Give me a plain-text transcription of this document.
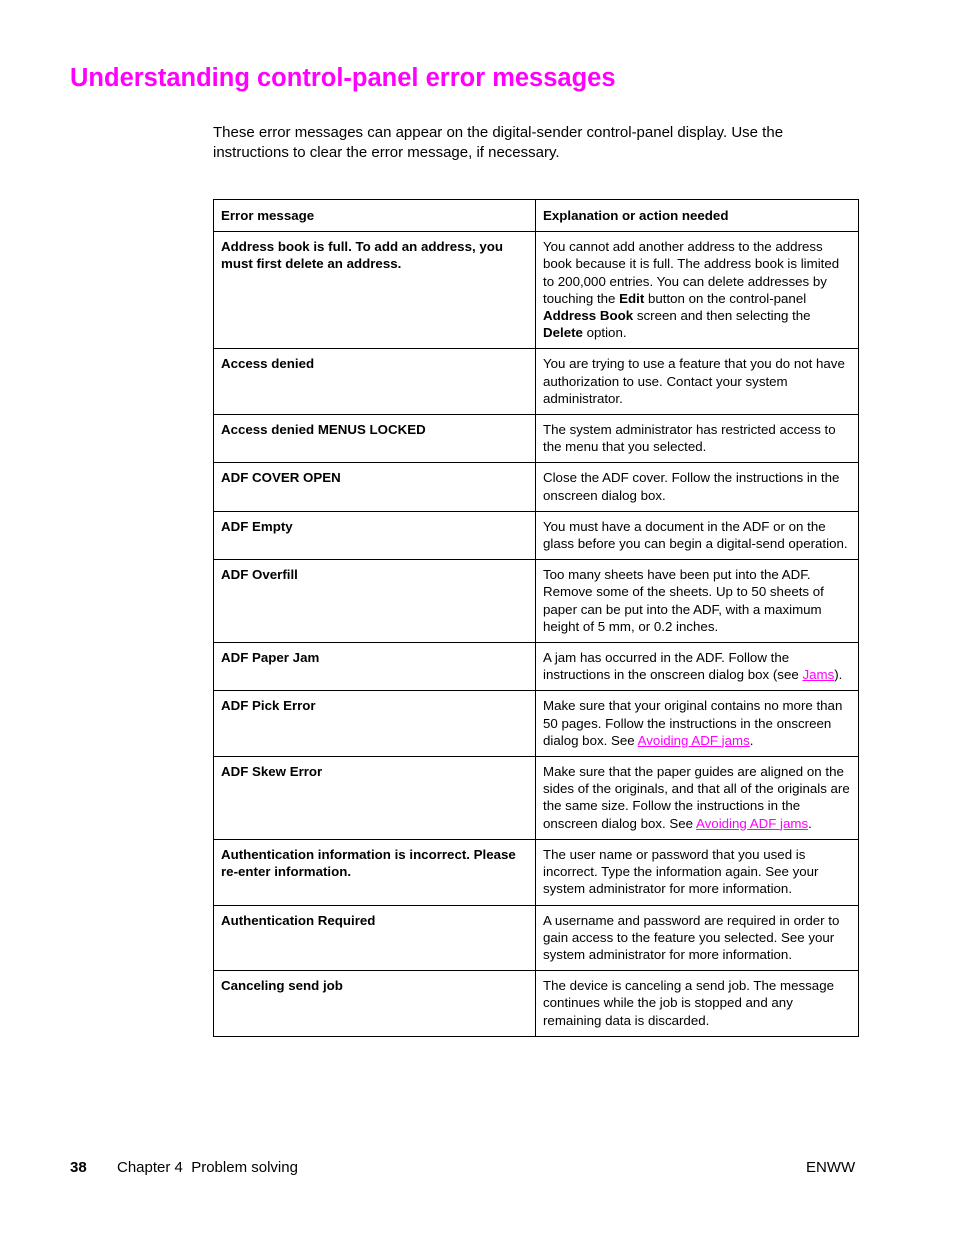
Understanding control-panel error messages

These error messages can appear on the digital-sender control-panel display. Use the instructions to clear the error message, if necessary.

Error message	Explanation or action needed
Address book is full. To add an address, you must first delete an address.	You cannot add another address to the address book because it is full. The address book is limited to 200,000 entries. You can delete addresses by touching the Edit button on the control-panel Address Book screen and then selecting the Delete option.
Access denied	You are trying to use a feature that you do not have authorization to use. Contact your system administrator.
Access denied MENUS LOCKED	The system administrator has restricted access to the menu that you selected.
ADF COVER OPEN	Close the ADF cover. Follow the instructions in the onscreen dialog box.
ADF Empty	You must have a document in the ADF or on the glass before you can begin a digital-send operation.
ADF Overfill	Too many sheets have been put into the ADF. Remove some of the sheets. Up to 50 sheets of paper can be put into the ADF, with a maximum height of 5 mm, or 0.2 inches.
ADF Paper Jam	A jam has occurred in the ADF. Follow the instructions in the onscreen dialog box (see Jams).
ADF Pick Error	Make sure that your original contains no more than 50 pages. Follow the instructions in the onscreen dialog box. See Avoiding ADF jams.
ADF Skew Error	Make sure that the paper guides are aligned on the sides of the originals, and that all of the originals are the same size. Follow the instructions in the onscreen dialog box. See Avoiding ADF jams.
Authentication information is incorrect. Please re-enter information.	The user name or password that you used is incorrect. Type the information again. See your system administrator for more information.
Authentication Required	A username and password are required in order to gain access to the feature you selected. See your system administrator for more information.
Canceling send job	The device is canceling a send job. The message continues while the job is stopped and any remaining data is discarded.
38 Chapter 4  Problem solving	ENWW
